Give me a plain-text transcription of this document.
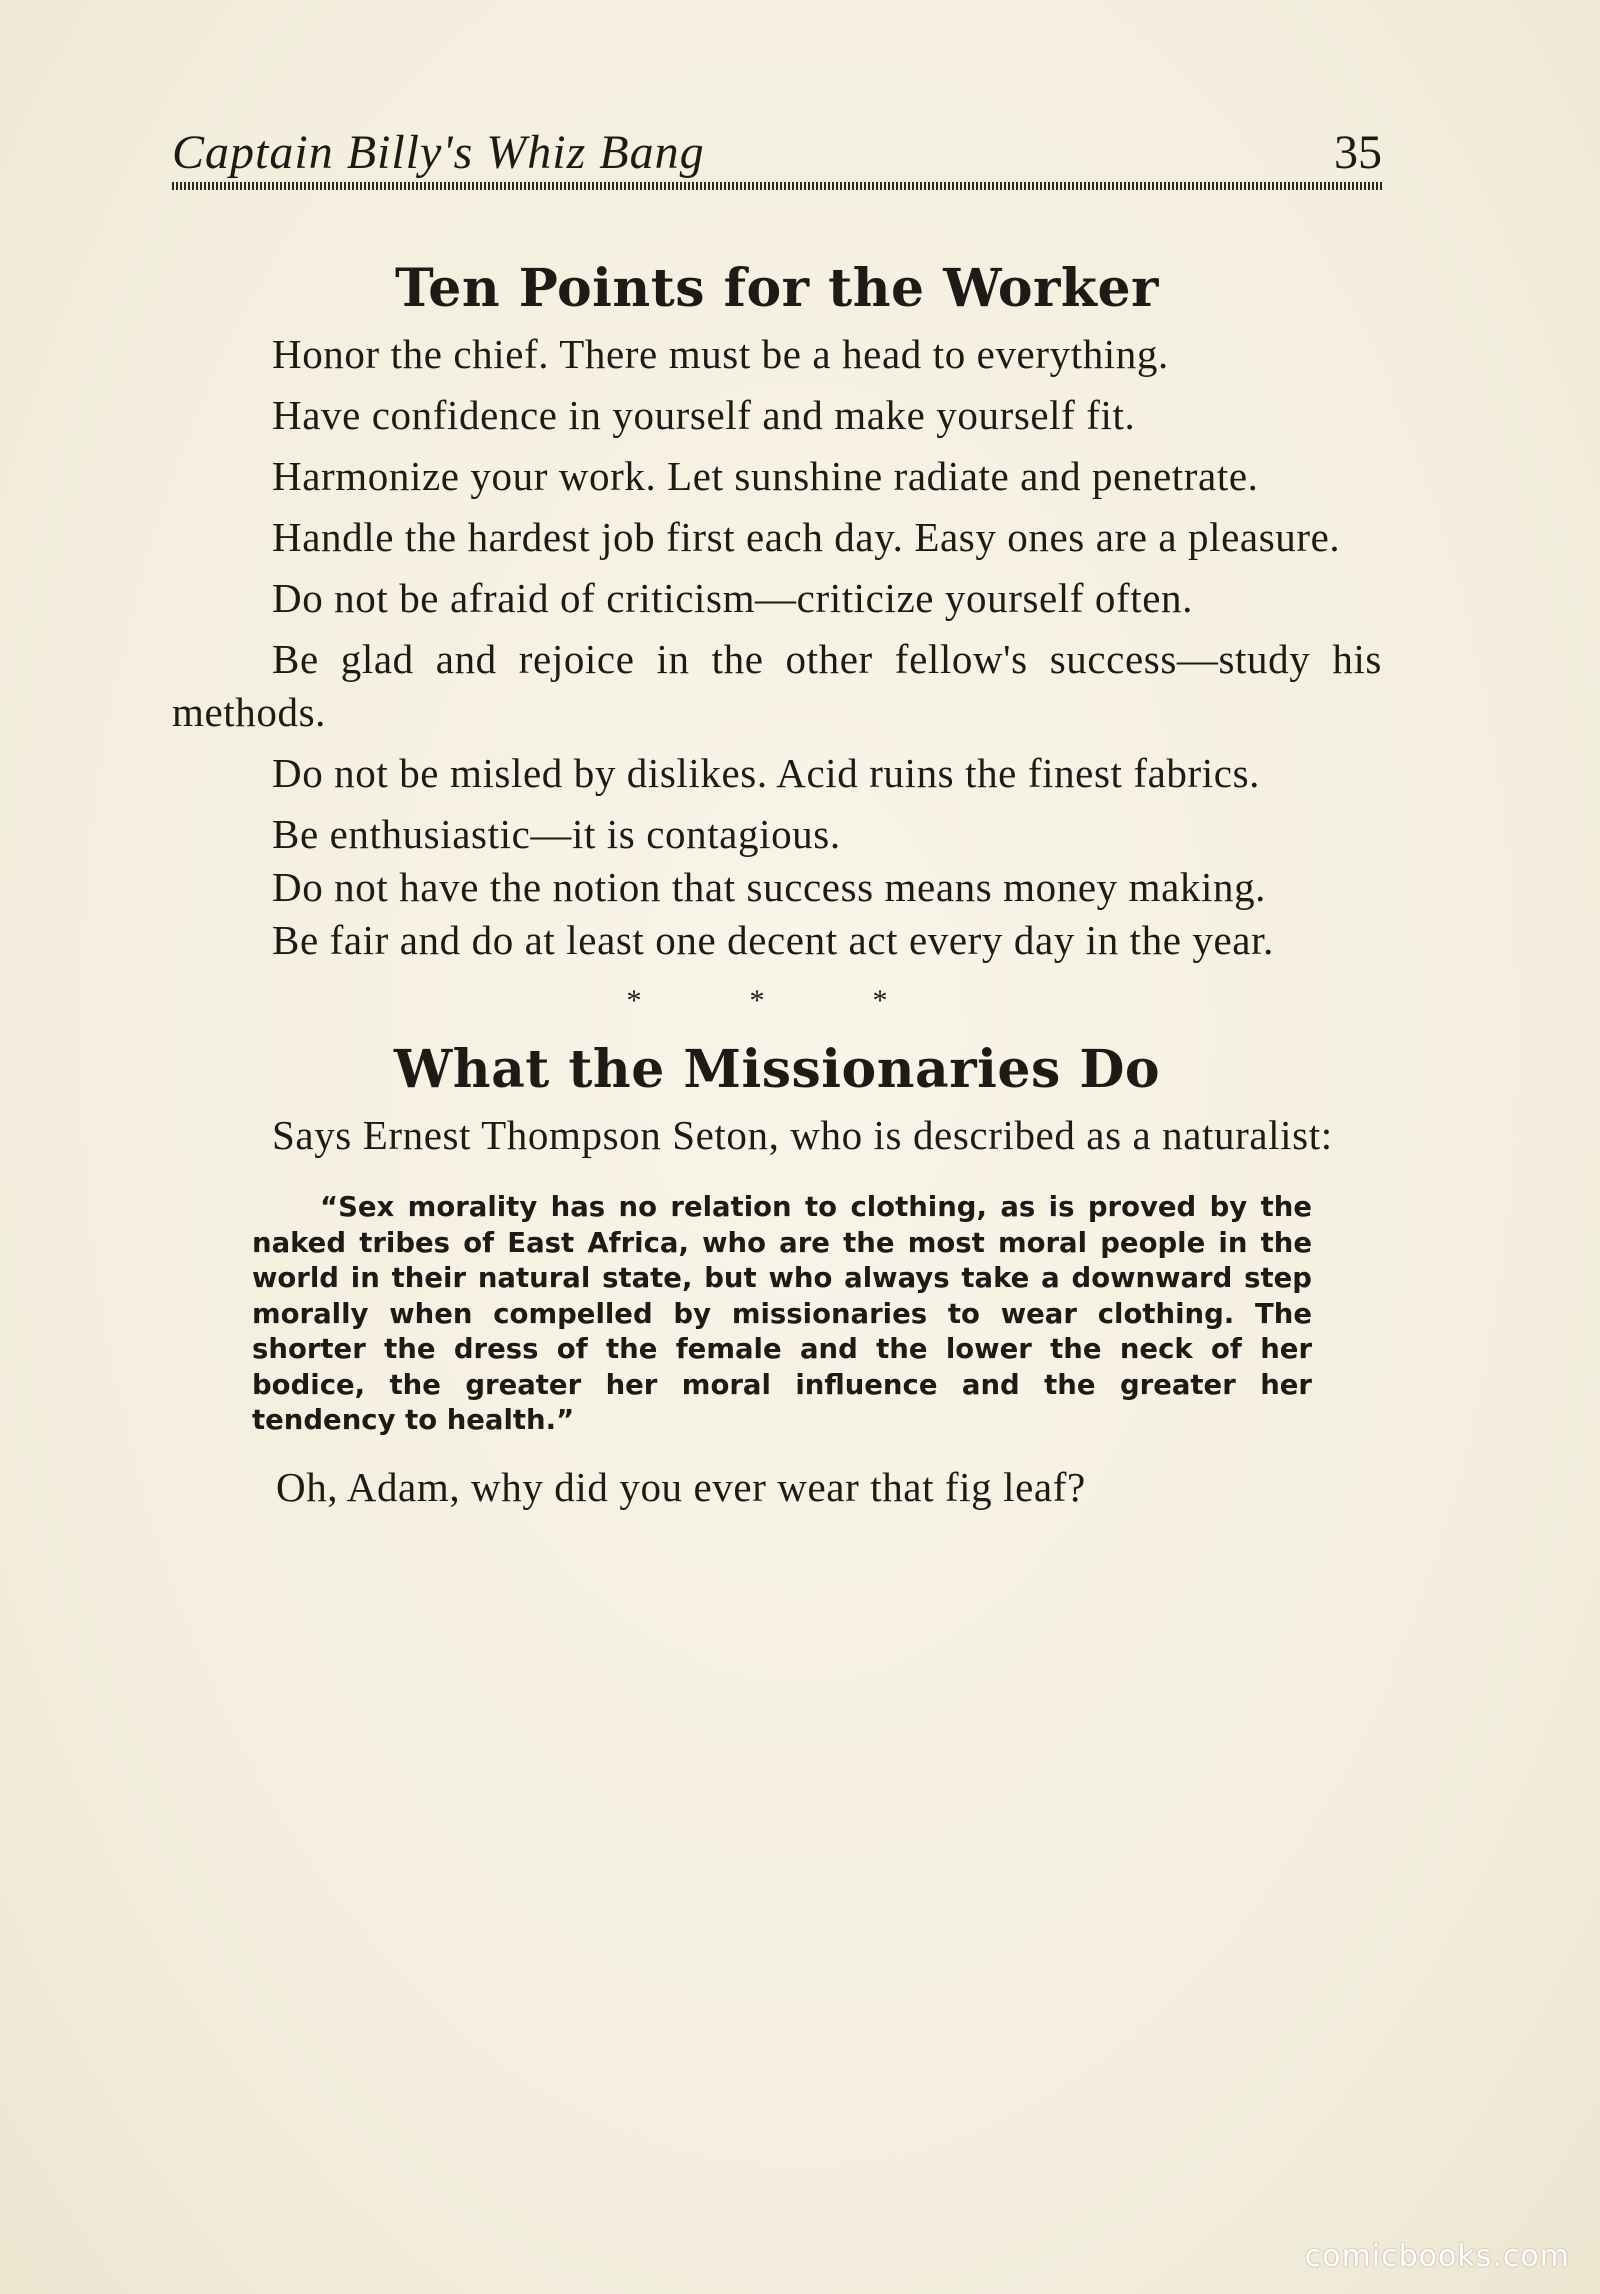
Captain Billy's Whiz Bang	35
Ten Points for the Worker

Honor the chief. There must be a head to everything.

Have confidence in yourself and make yourself fit.

Harmonize your work. Let sunshine radiate and penetrate.

Handle the hardest job first each day. Easy ones are a pleasure.

Do not be afraid of criticism—criticize yourself often.

Be glad and rejoice in the other fellow's success—study his methods.

Do not be misled by dislikes. Acid ruins the finest fabrics.

Be enthusiastic—it is contagious.

Do not have the notion that success means money making.

Be fair and do at least one decent act every day in the year.

* * *
What the Missionaries Do

Says Ernest Thompson Seton, who is described as a naturalist:

“Sex morality has no relation to clothing, as is proved by the naked tribes of East Africa, who are the most moral people in the world in their natural state, but who always take a downward step morally when compelled by missionaries to wear clothing. The shorter the dress of the female and the lower the neck of her bodice, the greater her moral influence and the greater her tendency to health.”

Oh, Adam, why did you ever wear that fig leaf?

comicbooks.com
